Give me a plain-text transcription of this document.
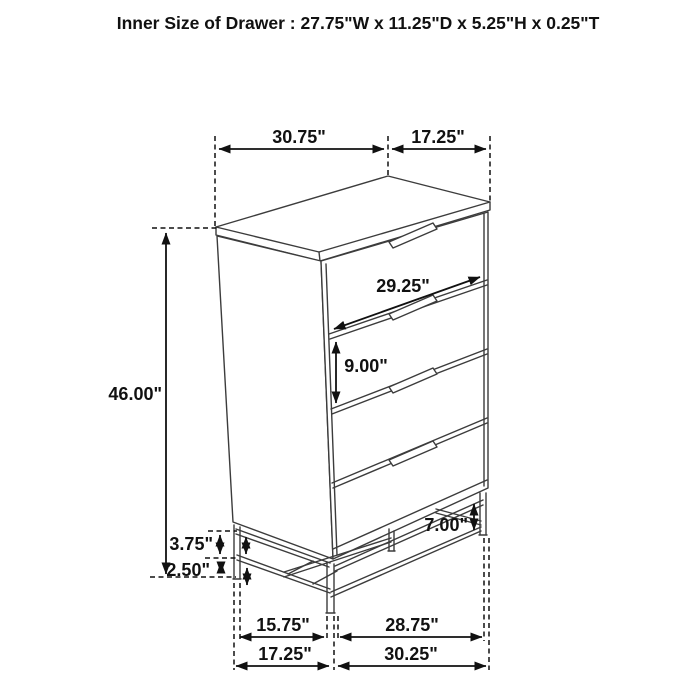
Inner Size of Drawer : 27.75"W x 11.25"D x 5.25"H x 0.25"T
30.75"	17.25"
46.00"
29.25"
9.00"
7.00"
3.75"
2.50"
15.75"	28.75"
17.25"	30.25"
